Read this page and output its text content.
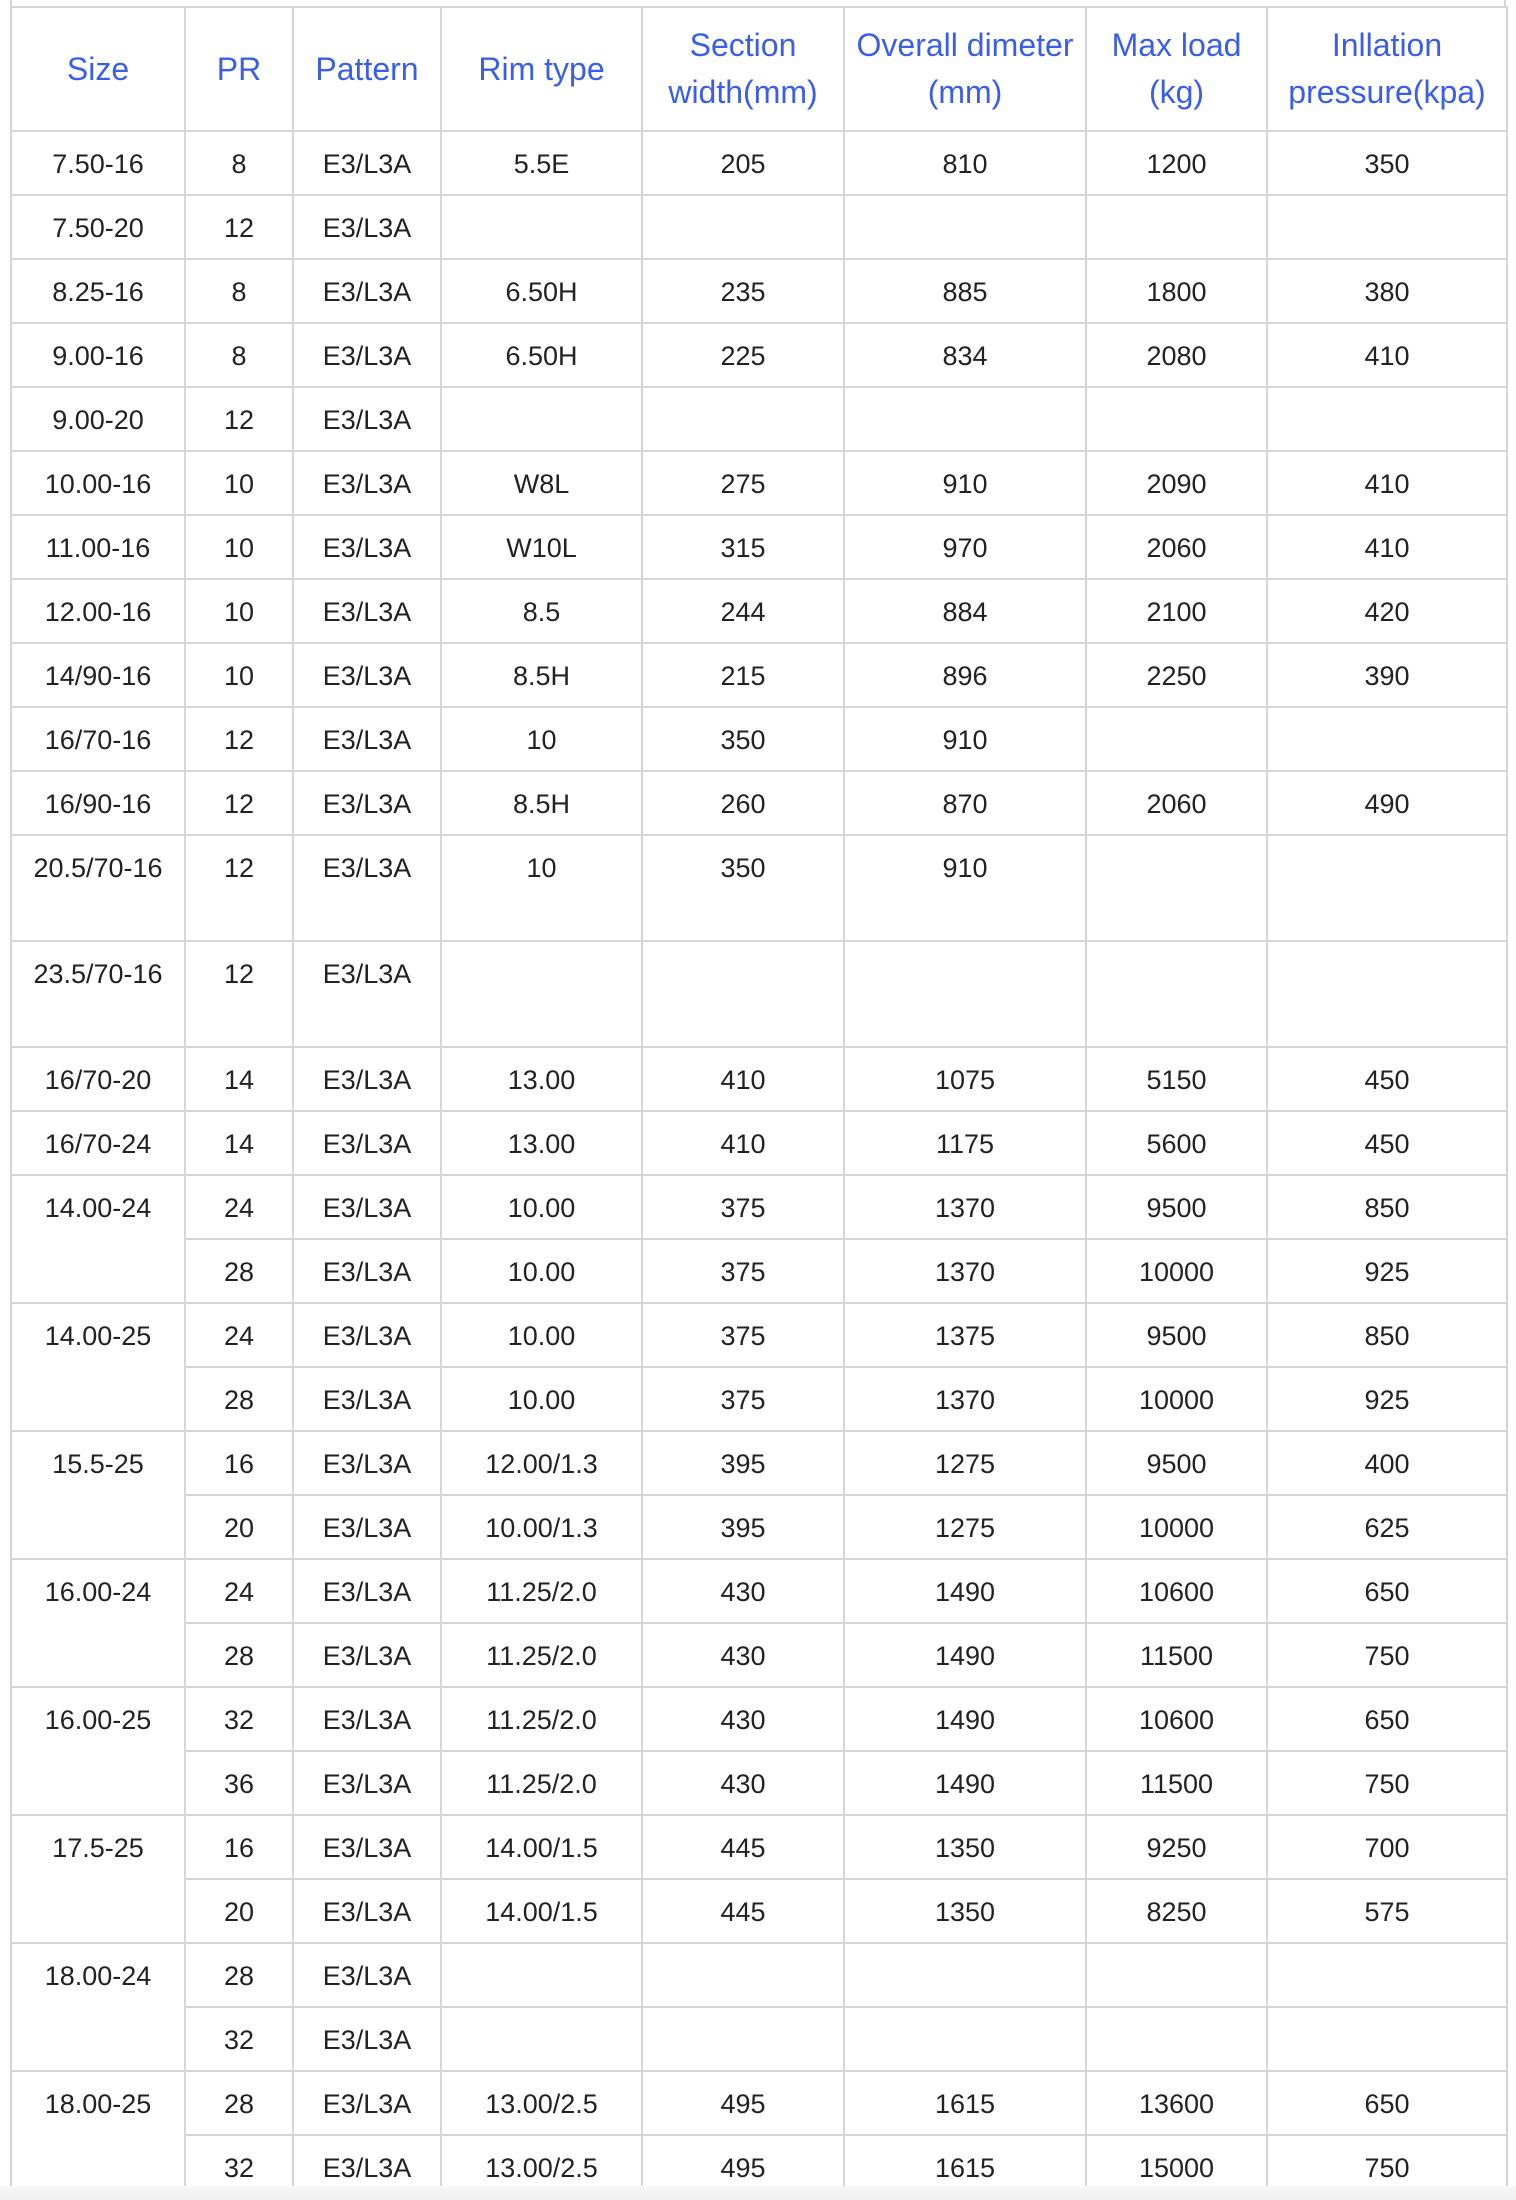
Size	PR	Pattern	Rim type	Section width(mm)	Overall dimeter (mm)	Max load (kg)	Inllation pressure(kpa)
7.50-16	8	E3/L3A	5.5E	205	810	1200	350
7.50-20	12	E3/L3A					
8.25-16	8	E3/L3A	6.50H	235	885	1800	380
9.00-16	8	E3/L3A	6.50H	225	834	2080	410
9.00-20	12	E3/L3A					
10.00-16	10	E3/L3A	W8L	275	910	2090	410
11.00-16	10	E3/L3A	W10L	315	970	2060	410
12.00-16	10	E3/L3A	8.5	244	884	2100	420
14/90-16	10	E3/L3A	8.5H	215	896	2250	390
16/70-16	12	E3/L3A	10	350	910		
16/90-16	12	E3/L3A	8.5H	260	870	2060	490
20.5/70-16	12	E3/L3A	10	350	910		
23.5/70-16	12	E3/L3A					
16/70-20	14	E3/L3A	13.00	410	1075	5150	450
16/70-24	14	E3/L3A	13.00	410	1175	5600	450
14.00-24	24	E3/L3A	10.00	375	1370	9500	850
	28	E3/L3A	10.00	375	1370	10000	925
14.00-25	24	E3/L3A	10.00	375	1375	9500	850
	28	E3/L3A	10.00	375	1370	10000	925
15.5-25	16	E3/L3A	12.00/1.3	395	1275	9500	400
	20	E3/L3A	10.00/1.3	395	1275	10000	625
16.00-24	24	E3/L3A	11.25/2.0	430	1490	10600	650
	28	E3/L3A	11.25/2.0	430	1490	11500	750
16.00-25	32	E3/L3A	11.25/2.0	430	1490	10600	650
	36	E3/L3A	11.25/2.0	430	1490	11500	750
17.5-25	16	E3/L3A	14.00/1.5	445	1350	9250	700
	20	E3/L3A	14.00/1.5	445	1350	8250	575
18.00-24	28	E3/L3A					
	32	E3/L3A					
18.00-25	28	E3/L3A	13.00/2.5	495	1615	13600	650
	32	E3/L3A	13.00/2.5	495	1615	15000	750
